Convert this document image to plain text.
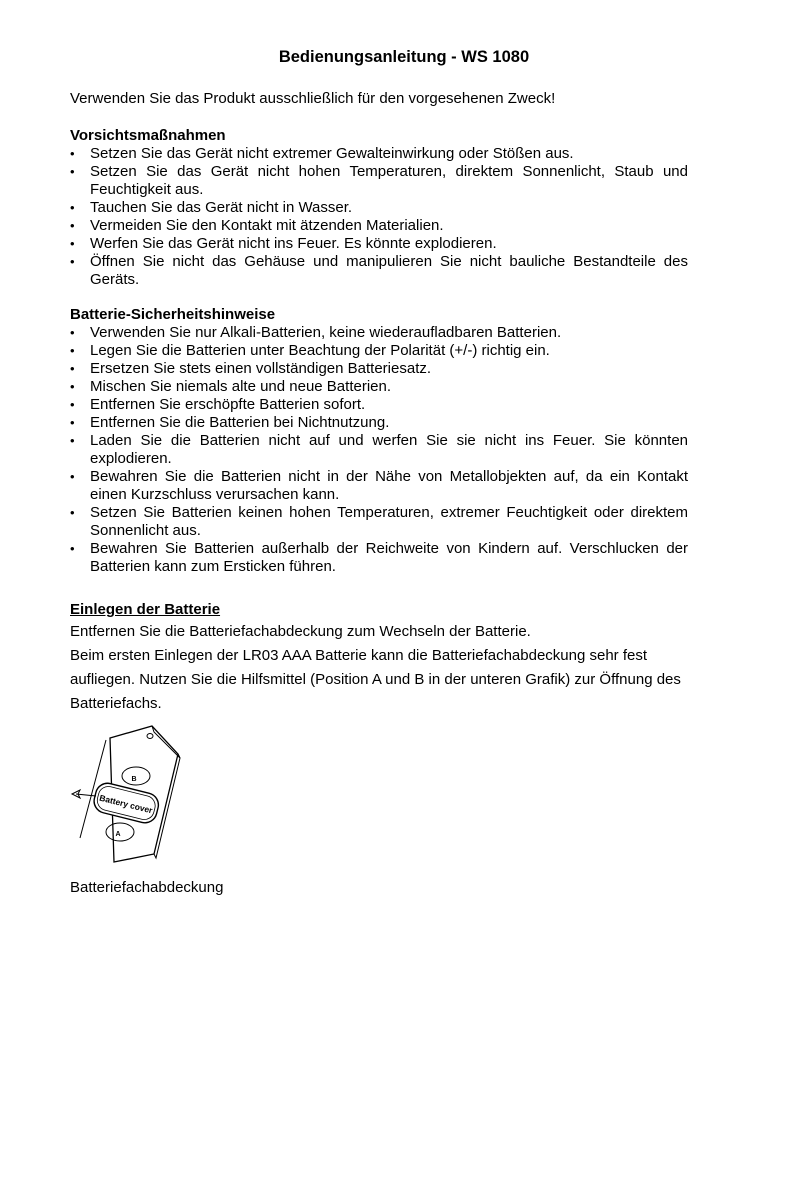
Bedienungsanleitung - WS 1080
Verwenden Sie das Produkt ausschließlich für den vorgesehenen Zweck!
Vorsichtsmaßnahmen
• Setzen Sie das Gerät nicht extremer Gewalteinwirkung oder Stößen aus.
• Setzen Sie das Gerät nicht hohen Temperaturen, direktem Sonnenlicht, Staub und Feuchtigkeit aus.
• Tauchen Sie das Gerät nicht in Wasser.
• Vermeiden Sie den Kontakt mit ätzenden Materialien.
• Werfen Sie das Gerät nicht ins Feuer. Es könnte explodieren.
• Öffnen Sie nicht das Gehäuse und manipulieren Sie nicht bauliche Bestandteile des Geräts.
Batterie-Sicherheitshinweise
• Verwenden Sie nur Alkali-Batterien, keine wiederaufladbaren Batterien.
• Legen Sie die Batterien unter Beachtung der Polarität (+/-) richtig ein.
• Ersetzen Sie stets einen vollständigen Batteriesatz.
• Mischen Sie niemals alte und neue Batterien.
• Entfernen Sie erschöpfte Batterien sofort.
• Entfernen Sie die Batterien bei Nichtnutzung.
• Laden Sie die Batterien nicht auf und werfen Sie sie nicht ins Feuer. Sie könnten explodieren.
• Bewahren Sie die Batterien nicht in der Nähe von Metallobjekten auf, da ein Kontakt einen Kurzschluss verursachen kann.
• Setzen Sie Batterien keinen hohen Temperaturen, extremer Feuchtigkeit oder direktem Sonnenlicht aus.
• Bewahren Sie Batterien außerhalb der Reichweite von Kindern auf. Verschlucken der Batterien kann zum Ersticken führen.
Einlegen der Batterie

Entfernen Sie die Batteriefachabdeckung zum Wechseln der Batterie.

Beim ersten Einlegen der LR03 AAA Batterie kann die Batteriefachabdeckung sehr fest

aufliegen. Nutzen Sie die Hilfsmittel (Position A und B in der unteren Grafik) zur Öffnung des

Batteriefachs.

Battery cover
B
A
Batteriefachabdeckung
